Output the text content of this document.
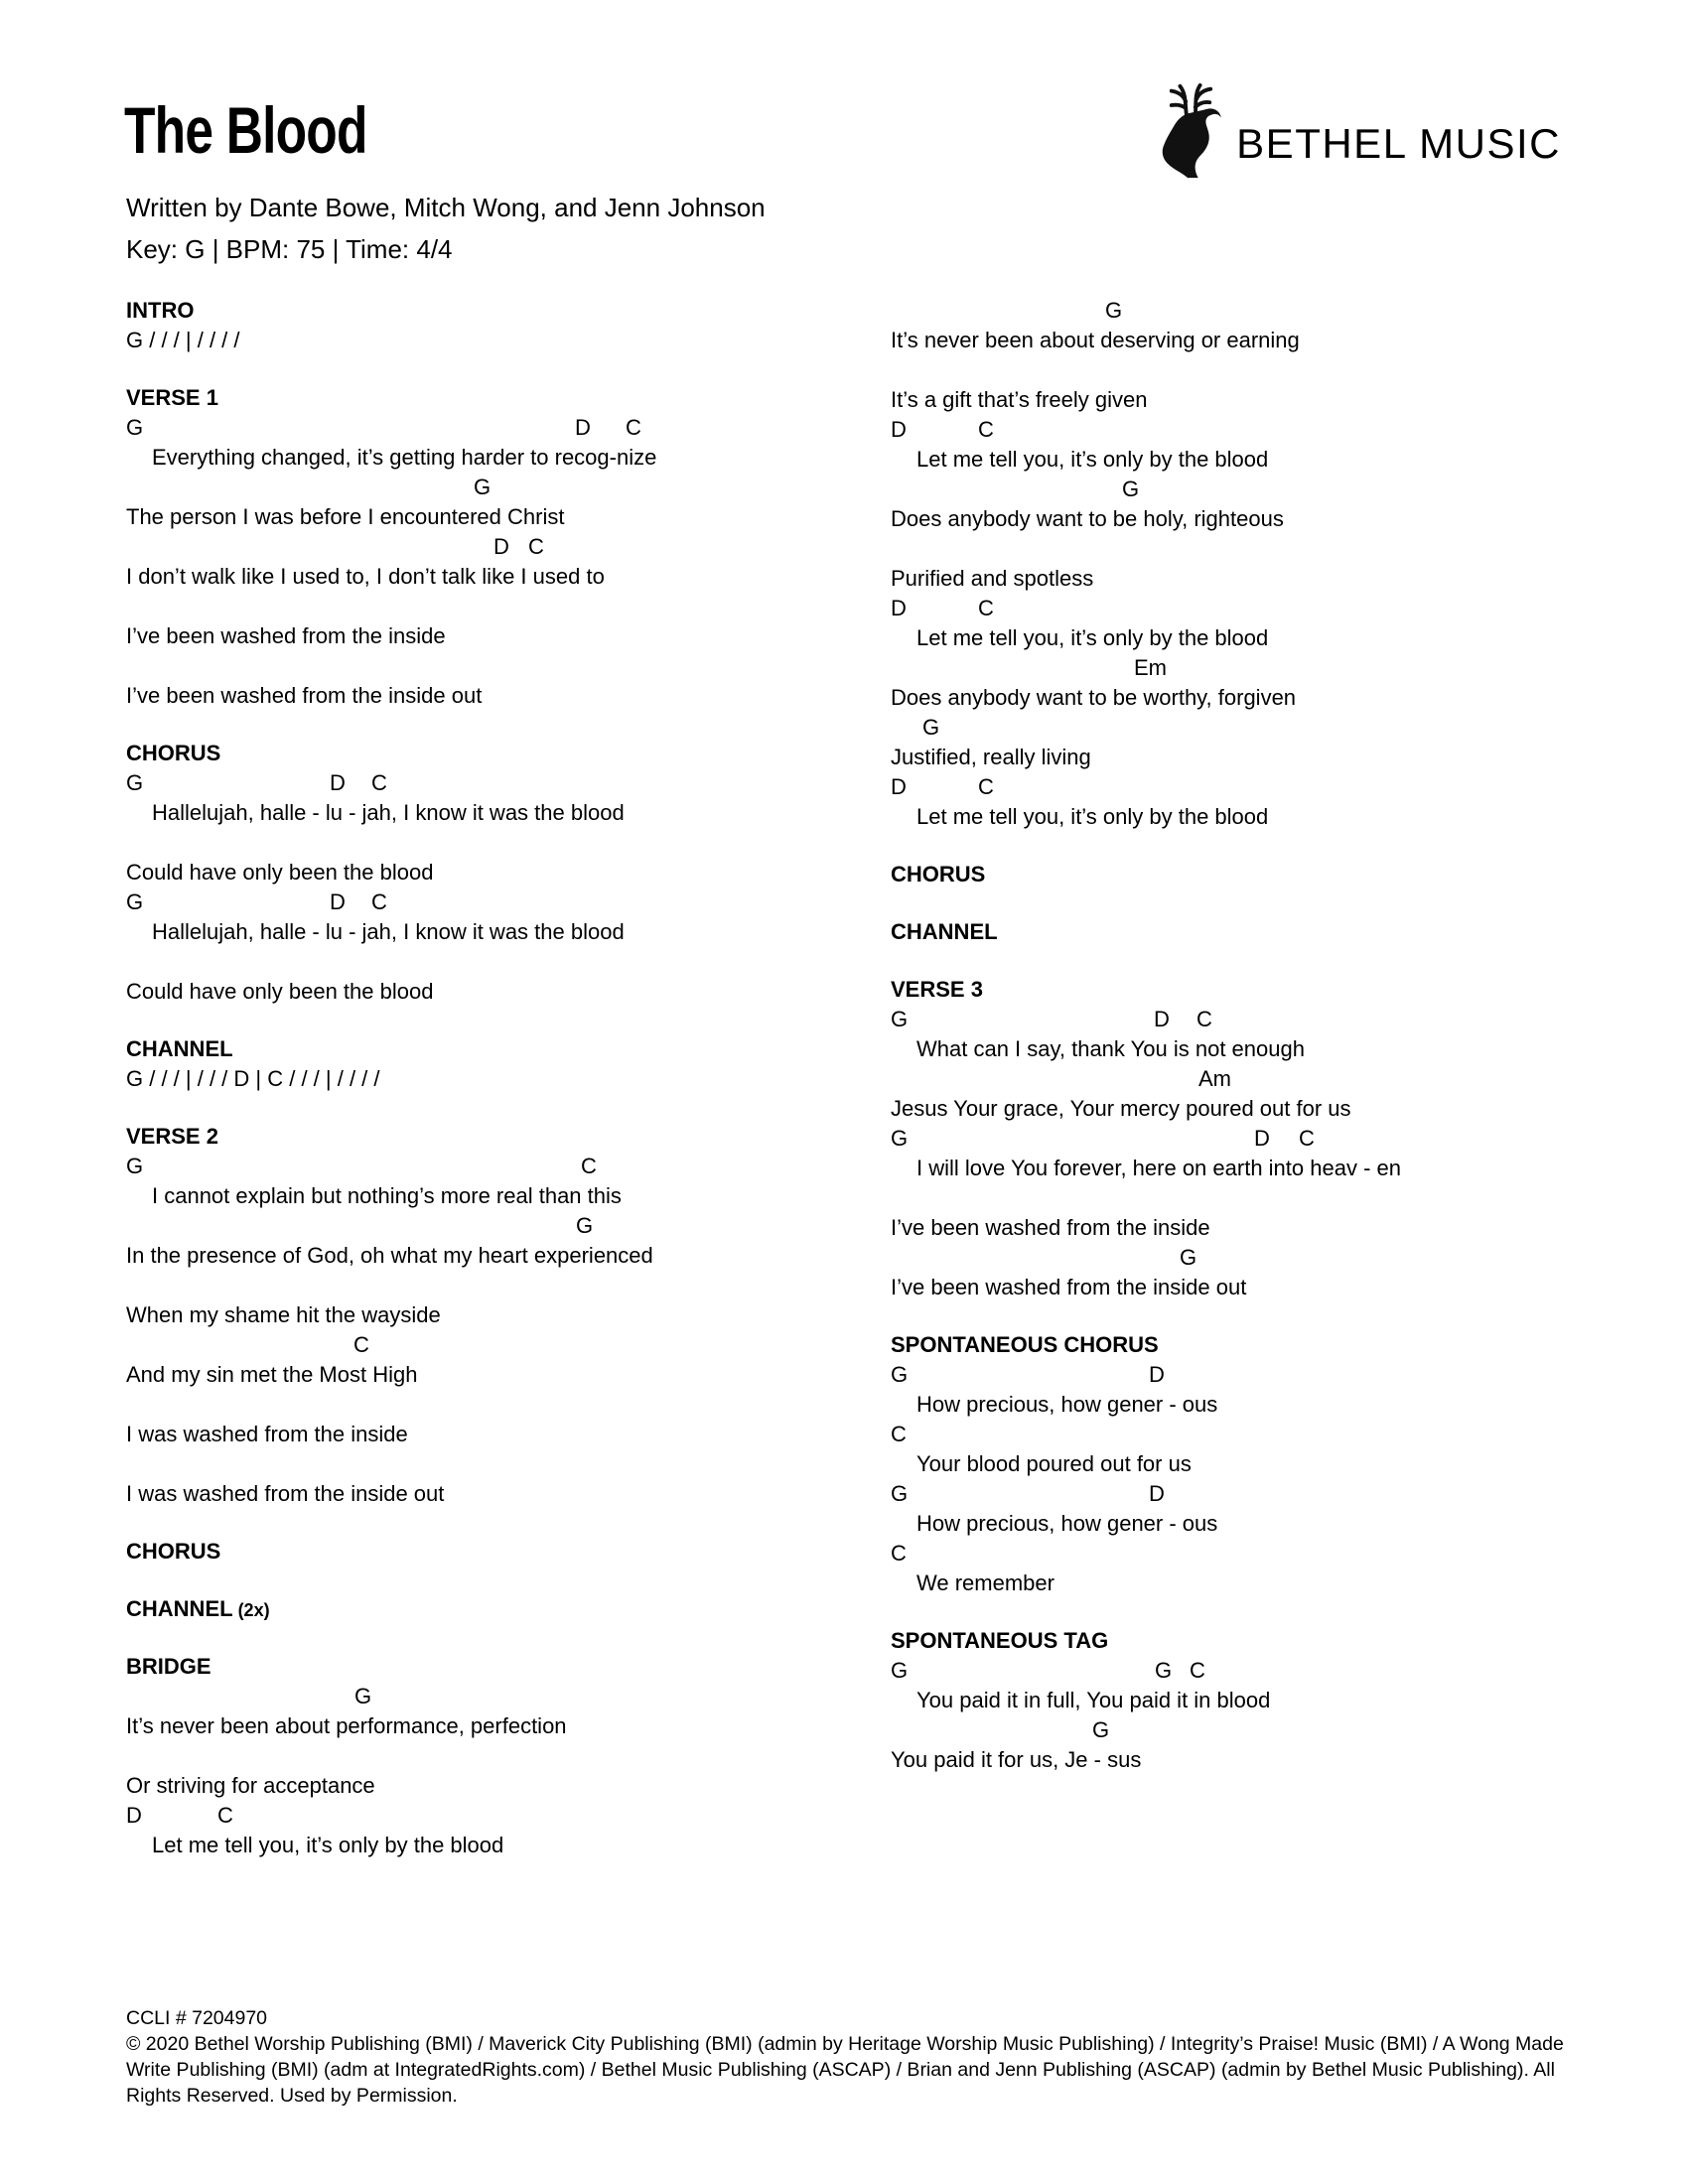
The Blood	BETHEL MUSIC
Written by Dante Bowe, Mitch Wong, and Jenn Johnson
Key: G | BPM: 75 | Time: 4/4
INTRO
G / / / | / / / /
VERSE 1
G	D C
Everything changed, it’s getting harder to recog-nize
G
The person I was before I encountered Christ
D C
I don’t walk like I used to, I don’t talk like I used to
I’ve been washed from the inside
I’ve been washed from the inside out
CHORUS
G	D C
Hallelujah, halle - lu - jah, I know it was the blood
Could have only been the blood
G	D C
Hallelujah, halle - lu - jah, I know it was the blood
Could have only been the blood
CHANNEL
G / / / | / / / D | C / / / | / / / /
VERSE 2
G	C
I cannot explain but nothing’s more real than this
G
In the presence of God, oh what my heart experienced
When my shame hit the wayside
C
And my sin met the Most High
I was washed from the inside
I was washed from the inside out
CHORUS
CHANNEL (2x)
BRIDGE
G
It’s never been about performance, perfection
Or striving for acceptance
D	C
Let me tell you, it’s only by the blood
G
It’s never been about deserving or earning
It’s a gift that’s freely given
D	C
Let me tell you, it’s only by the blood
G
Does anybody want to be holy, righteous
Purified and spotless
D	C
Let me tell you, it’s only by the blood
Em
Does anybody want to be worthy, forgiven
G
Justified, really living
D	C
Let me tell you, it’s only by the blood
CHORUS
CHANNEL
VERSE 3
G	D C
What can I say, thank You is not enough
Am
Jesus Your grace, Your mercy poured out for us
G	D C
I will love You forever, here on earth into heav - en
I’ve been washed from the inside
G
I’ve been washed from the inside out
SPONTANEOUS CHORUS
G	D
How precious, how gener - ous
C
Your blood poured out for us
G	D
How precious, how gener - ous
C
We remember
SPONTANEOUS TAG
G	G C
You paid it in full, You paid it in blood
G
You paid it for us, Je - sus
CCLI # 7204970
© 2020 Bethel Worship Publishing (BMI) / Maverick City Publishing (BMI) (admin by Heritage Worship Music Publishing) / Integrity’s Praise! Music (BMI) / A Wong Made Write Publishing (BMI) (adm at IntegratedRights.com) / Bethel Music Publishing (ASCAP) / Brian and Jenn Publishing (ASCAP) (admin by Bethel Music Publishing). All Rights Reserved. Used by Permission.
